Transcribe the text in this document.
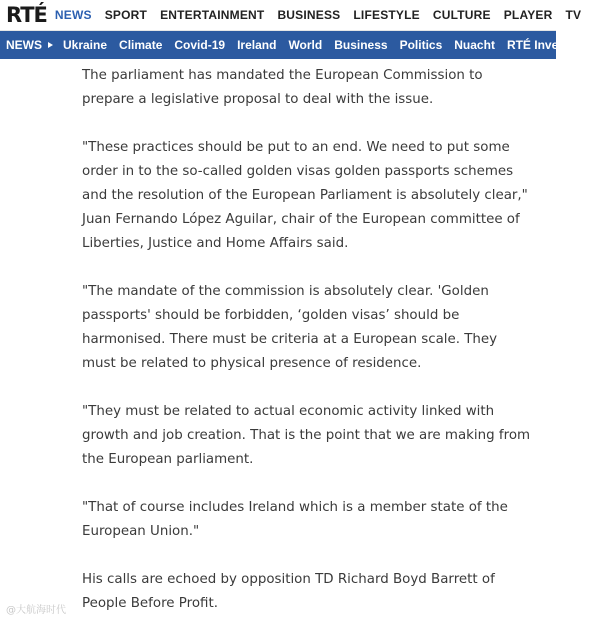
RTÉ NEWS SPORT ENTERTAINMENT BUSINESS LIFESTYLE CULTURE PLAYER TV
NEWS Ukraine Climate Covid-19 Ireland World Business Politics Nuacht RTÉ Investigates

The parliament has mandated the European Commission to prepare a legislative proposal to deal with the issue.

"These practices should be put to an end. We need to put some order in to the so-called golden visas golden passports schemes and the resolution of the European Parliament is absolutely clear," Juan Fernando López Aguilar, chair of the European committee of Liberties, Justice and Home Affairs said.

"The mandate of the commission is absolutely clear. 'Golden passports' should be forbidden, ‘golden visas’ should be harmonised. There must be criteria at a European scale. They must be related to physical presence of residence.

"They must be related to actual economic activity linked with growth and job creation. That is the point that we are making from the European parliament.

"That of course includes Ireland which is a member state of the European Union."

His calls are echoed by opposition TD Richard Boyd Barrett of People Before Profit.

@大航海时代
